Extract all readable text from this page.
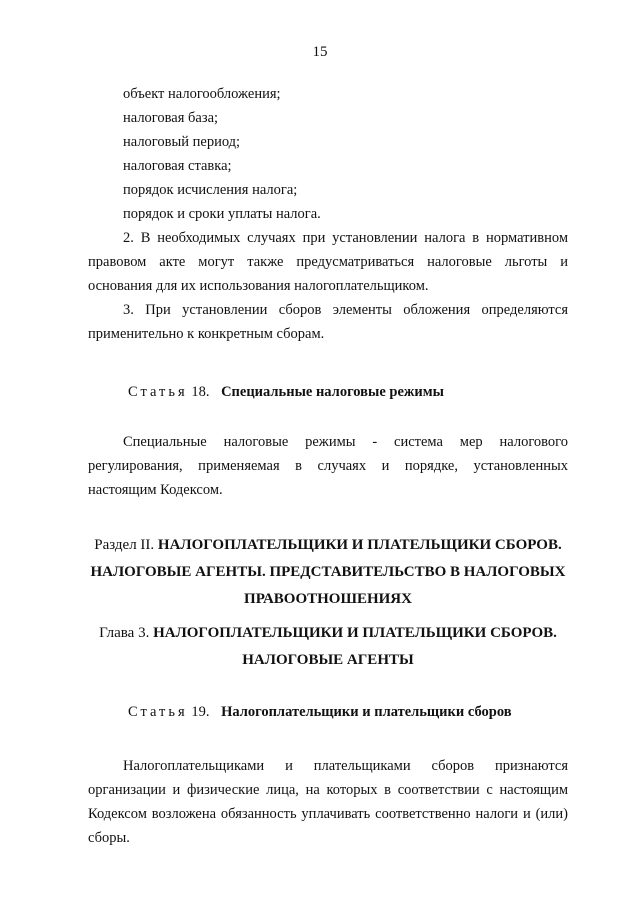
15
объект налогообложения;
налоговая база;
налоговый период;
налоговая ставка;
порядок исчисления налога;
порядок и сроки уплаты налога.

2. В необходимых случаях при установлении налога в нормативном правовом акте могут также предусматриваться налоговые льготы и основания для их использования налогоплательщиком.

3. При установлении сборов элементы обложения определяются применительно к конкретным сборам.

Статья 18. Специальные налоговые режимы

Специальные налоговые режимы - система мер налогового регулирования, применяемая в случаях и порядке, установленных настоящим Кодексом.

Раздел II. НАЛОГОПЛАТЕЛЬЩИКИ И ПЛАТЕЛЬЩИКИ СБОРОВ. НАЛОГОВЫЕ АГЕНТЫ. ПРЕДСТАВИТЕЛЬСТВО В НАЛОГОВЫХ ПРАВООТНОШЕНИЯХ
Глава 3. НАЛОГОПЛАТЕЛЬЩИКИ И ПЛАТЕЛЬЩИКИ СБОРОВ. НАЛОГОВЫЕ АГЕНТЫ
Статья 19. Налогоплательщики и плательщики сборов

Налогоплательщиками и плательщиками сборов признаются организации и физические лица, на которых в соответствии с настоящим Кодексом возложена обязанность уплачивать соответственно налоги и (или) сборы.
